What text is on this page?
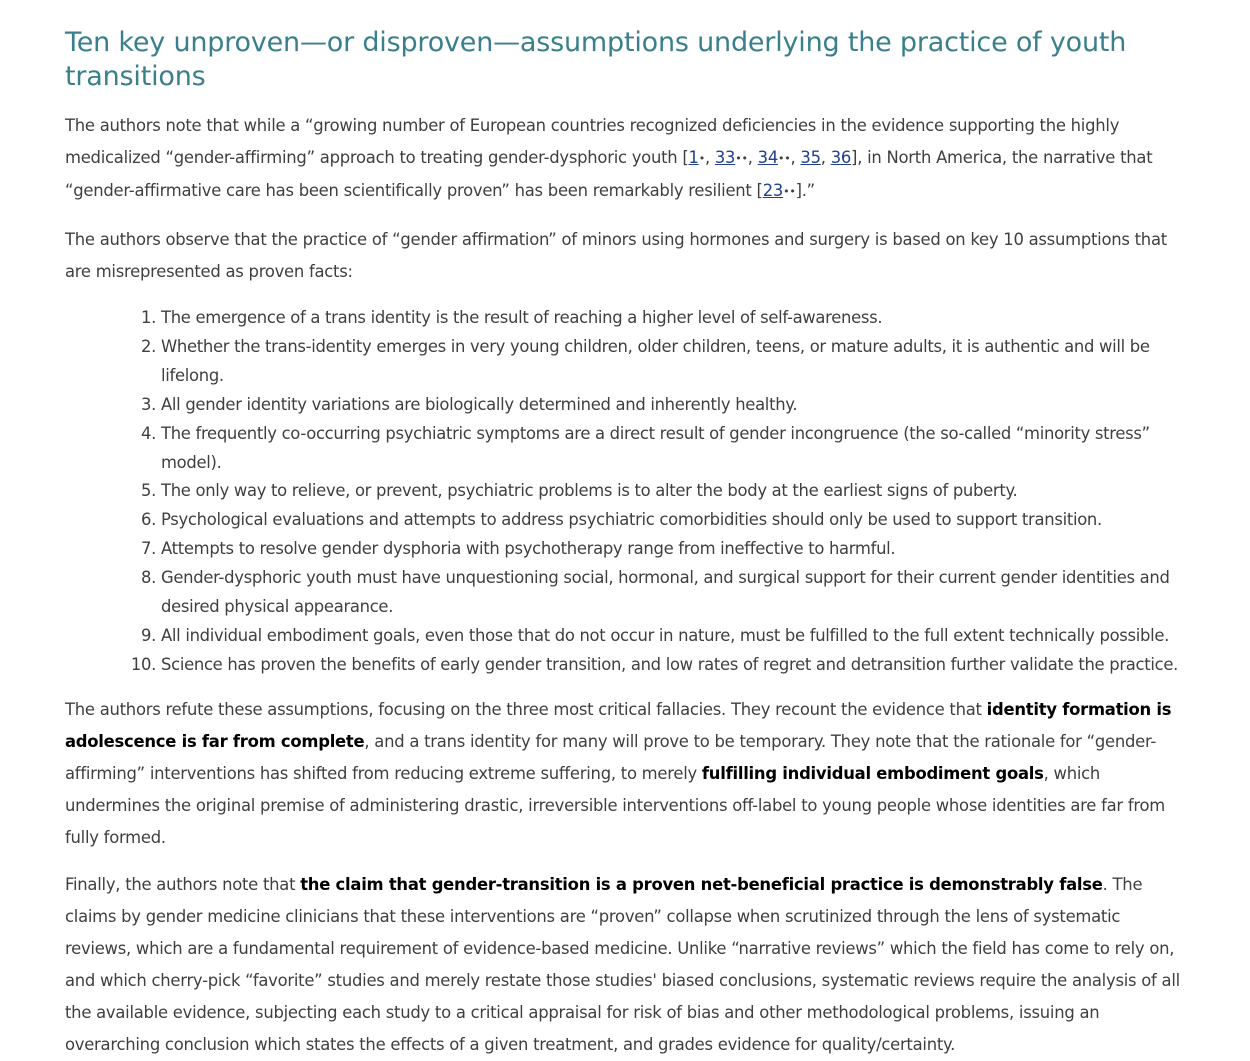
Ten key unproven—or disproven—assumptions underlying the practice of youth transitions

The authors note that while a “growing number of European countries recognized deficiencies in the evidence supporting the highly medicalized “gender-affirming” approach to treating gender-dysphoric youth [1•, 33••, 34••, 35, 36], in North America, the narrative that “gender-affirmative care has been scientifically proven” has been remarkably resilient [23••].”

The authors observe that the practice of “gender affirmation” of minors using hormones and surgery is based on key 10 assumptions that are misrepresented as proven facts:

1. The emergence of a trans identity is the result of reaching a higher level of self-awareness.
2. Whether the trans-identity emerges in very young children, older children, teens, or mature adults, it is authentic and will be lifelong.
3. All gender identity variations are biologically determined and inherently healthy.
4. The frequently co-occurring psychiatric symptoms are a direct result of gender incongruence (the so-called “minority stress” model).
5. The only way to relieve, or prevent, psychiatric problems is to alter the body at the earliest signs of puberty.
6. Psychological evaluations and attempts to address psychiatric comorbidities should only be used to support transition.
7. Attempts to resolve gender dysphoria with psychotherapy range from ineffective to harmful.
8. Gender-dysphoric youth must have unquestioning social, hormonal, and surgical support for their current gender identities and desired physical appearance.
9. All individual embodiment goals, even those that do not occur in nature, must be fulfilled to the full extent technically possible.
10. Science has proven the benefits of early gender transition, and low rates of regret and detransition further validate the practice.

The authors refute these assumptions, focusing on the three most critical fallacies. They recount the evidence that identity formation is adolescence is far from complete, and a trans identity for many will prove to be temporary. They note that the rationale for “gender-affirming” interventions has shifted from reducing extreme suffering, to merely fulfilling individual embodiment goals, which undermines the original premise of administering drastic, irreversible interventions off-label to young people whose identities are far from fully formed.

Finally, the authors note that the claim that gender-transition is a proven net-beneficial practice is demonstrably false. The claims by gender medicine clinicians that these interventions are “proven” collapse when scrutinized through the lens of systematic reviews, which are a fundamental requirement of evidence-based medicine. Unlike “narrative reviews” which the field has come to rely on, and which cherry-pick “favorite” studies and merely restate those studies' biased conclusions, systematic reviews require the analysis of all the available evidence, subjecting each study to a critical appraisal for risk of bias and other methodological problems, issuing an overarching conclusion which states the effects of a given treatment, and grades evidence for quality/certainty.
